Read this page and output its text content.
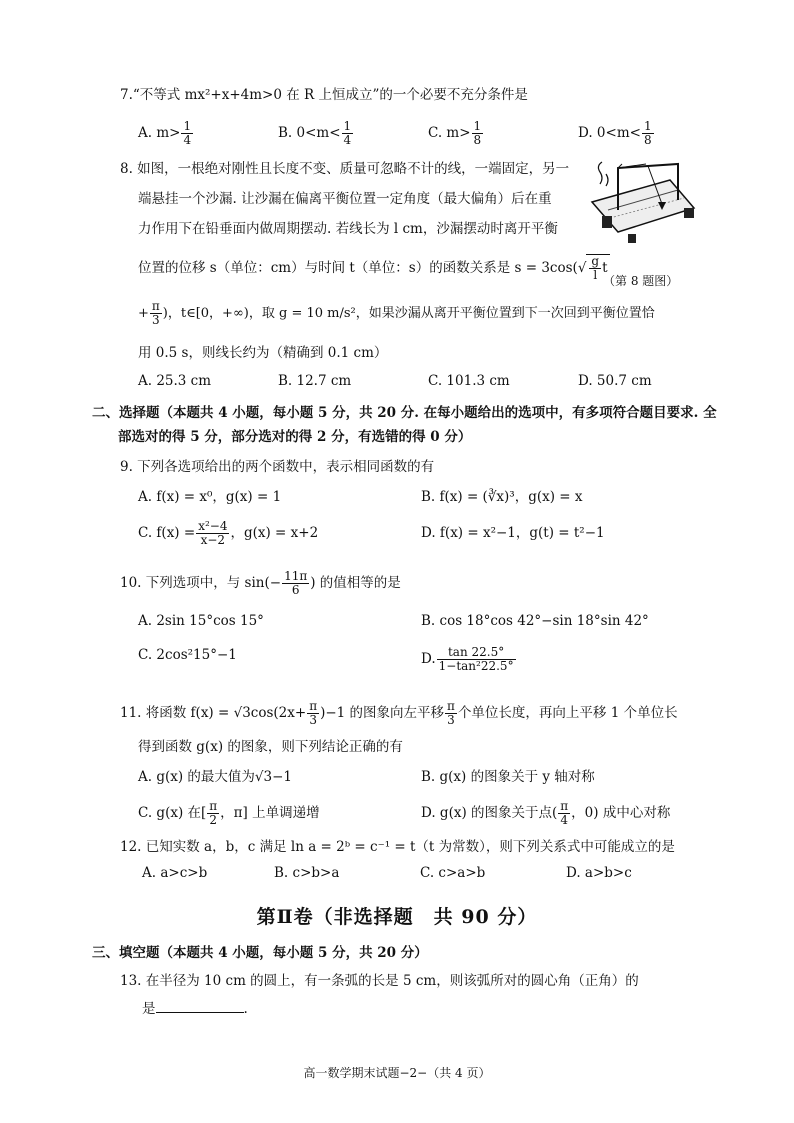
7.“不等式 mx²+x+4m>0 在 R 上恒成立”的一个必要不充分条件是
A. $m> \frac{1}{4}$	B. $0<m< \frac{1}{4}$	C. $m> \frac{1}{8}$	D. $0<m< \frac{1}{8}$
8. 如图，一根绝对刚性且长度不变、质量可忽略不计的线，一端固定，另一
端悬挂一个沙漏. 让沙漏在偏离平衡位置一定角度（最大偏角）后在重
力作用下在铅垂面内做周期摆动. 若线长为 l cm，沙漏摆动时离开平衡
位置的位移 s（单位：cm）与时间 t（单位：s）的函数关系是 $s = 3\cos(√ \frac{g}{l}$ t
（第 8 题图）
+ $\frac{\pi}{3}$ )，t∈[0，+∞)，取 g = 10 m/s²，如果沙漏从离开平衡位置到下一次回到平衡位置恰
用 0.5 s，则线长约为（精确到 0.1 cm）
A. 25.3 cm	B. 12.7 cm	C. 101.3 cm	D. 50.7 cm
二、选择题（本题共 4 小题，每小题 5 分，共 20 分. 在每小题给出的选项中，有多项符合题目要求. 全
部选对的得 5 分，部分选对的得 2 分，有选错的得 0 分）
9. 下列各选项给出的两个函数中，表示相同函数的有
A. f(x) = x⁰，g(x) = 1	B. f(x) = (∛x)³，g(x) = x
C. $f(x) = \frac{\text{x²−4}}{x-2}$ ，g(x) = x+2	D. f(x) = x²−1，g(t) = t²−1
10. 下列选项中，与 $\sin(- \frac{11\pi}{6}$ ) 的值相等的是
A. 2sin 15°cos 15°	B. cos 18°cos 42°−sin 18°sin 42°
C. 2cos²15°−1	D. $\frac{\tan 22.5^\circ}{\text{1−tan²22.5°}}$
11. 将函数 $f(x) = √3\cos(2x+ \frac{\pi}{3} )-1$ 的图象向左平移 $\frac{\pi}{3}$ 个单位长度，再向上平移 1 个单位长
得到函数 g(x) 的图象，则下列结论正确的有
A. g(x) 的最大值为√3−1	B. g(x) 的图象关于 y 轴对称
C. g(x) 在[ $\frac{\pi}{2}$ ，π] 上单调递增	D. g(x) 的图象关于点( $\frac{\pi}{4}$ ，0) 成中心对称
12. 已知实数 a，b，c 满足 ln a = 2ᵇ = c⁻¹ = t（t 为常数），则下列关系式中可能成立的是
A. a>c>b	B. c>b>a	C. c>a>b	D. a>b>c
第Ⅱ卷（非选择题　共 90 分）
三、填空题（本题共 4 小题，每小题 5 分，共 20 分）
13. 在半径为 10 cm 的圆上，有一条弧的长是 5 cm，则该弧所对的圆心角（正角）的
是	.
高一数学期末试题−2−（共 4 页）
